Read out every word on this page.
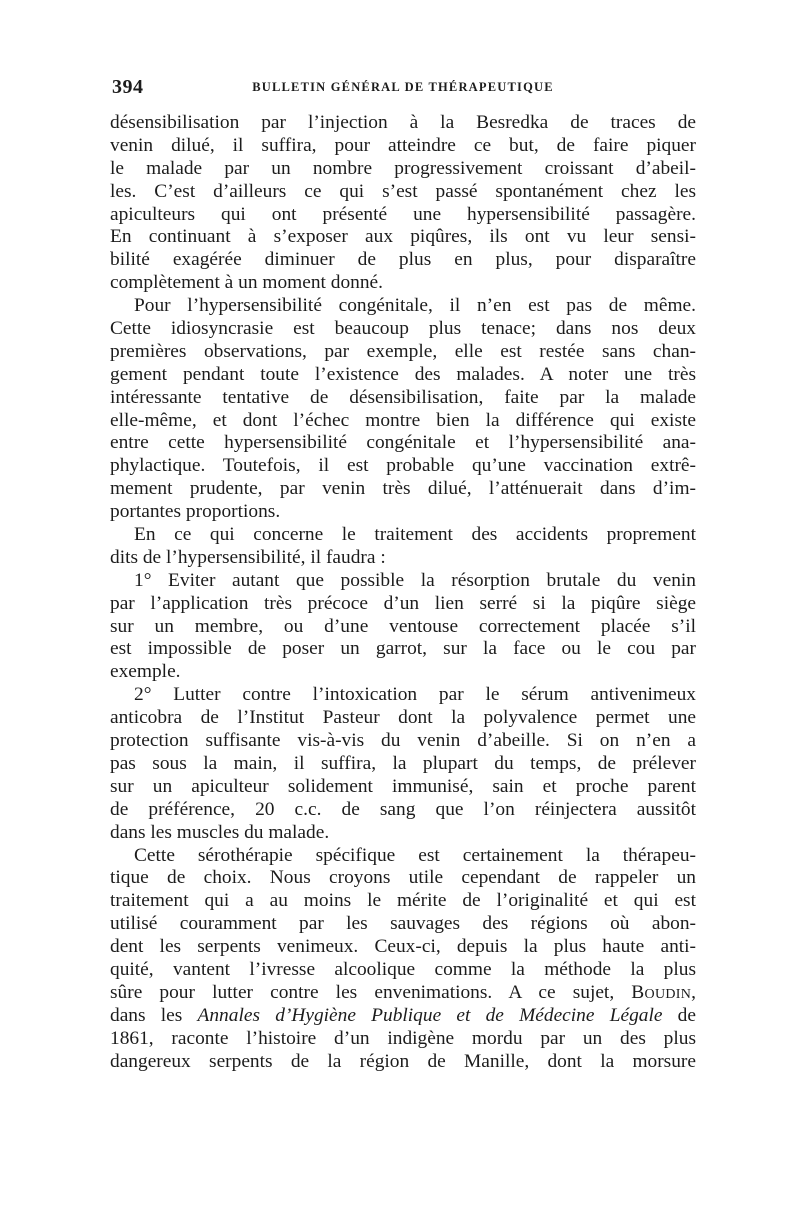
394	BULLETIN GÉNÉRAL DE THÉRAPEUTIQUE
désensibilisation par l’injection à la Besredka de traces de
venin dilué, il suffira, pour atteindre ce but, de faire piquer
le malade par un nombre progressivement croissant d’abeil-
les. C’est d’ailleurs ce qui s’est passé spontanément chez les
apiculteurs qui ont présenté une hypersensibilité passagère.
En continuant à s’exposer aux piqûres, ils ont vu leur sensi-
bilité exagérée diminuer de plus en plus, pour disparaître
complètement à un moment donné.
Pour l’hypersensibilité congénitale, il n’en est pas de même.
Cette idiosyncrasie est beaucoup plus tenace; dans nos deux
premières observations, par exemple, elle est restée sans chan-
gement pendant toute l’existence des malades. A noter une très
intéressante tentative de désensibilisation, faite par la malade
elle-même, et dont l’échec montre bien la différence qui existe
entre cette hypersensibilité congénitale et l’hypersensibilité ana-
phylactique. Toutefois, il est probable qu’une vaccination extrê-
mement prudente, par venin très dilué, l’atténuerait dans d’im-
portantes proportions.
En ce qui concerne le traitement des accidents proprement
dits de l’hypersensibilité, il faudra :
1° Eviter autant que possible la résorption brutale du venin
par l’application très précoce d’un lien serré si la piqûre siège
sur un membre, ou d’une ventouse correctement placée s’il
est impossible de poser un garrot, sur la face ou le cou par
exemple.
2° Lutter contre l’intoxication par le sérum antivenimeux
anticobra de l’Institut Pasteur dont la polyvalence permet une
protection suffisante vis-à-vis du venin d’abeille. Si on n’en a
pas sous la main, il suffira, la plupart du temps, de prélever
sur un apiculteur solidement immunisé, sain et proche parent
de préférence, 20 c.c. de sang que l’on réinjectera aussitôt
dans les muscles du malade.
Cette sérothérapie spécifique est certainement la thérapeu-
tique de choix. Nous croyons utile cependant de rappeler un
traitement qui a au moins le mérite de l’originalité et qui est
utilisé couramment par les sauvages des régions où abon-
dent les serpents venimeux. Ceux-ci, depuis la plus haute anti-
quité, vantent l’ivresse alcoolique comme la méthode la plus
sûre pour lutter contre les envenimations. A ce sujet, Boudin,
dans les Annales d’Hygiène Publique et de Médecine Légale de
1861, raconte l’histoire d’un indigène mordu par un des plus
dangereux serpents de la région de Manille, dont la morsure
